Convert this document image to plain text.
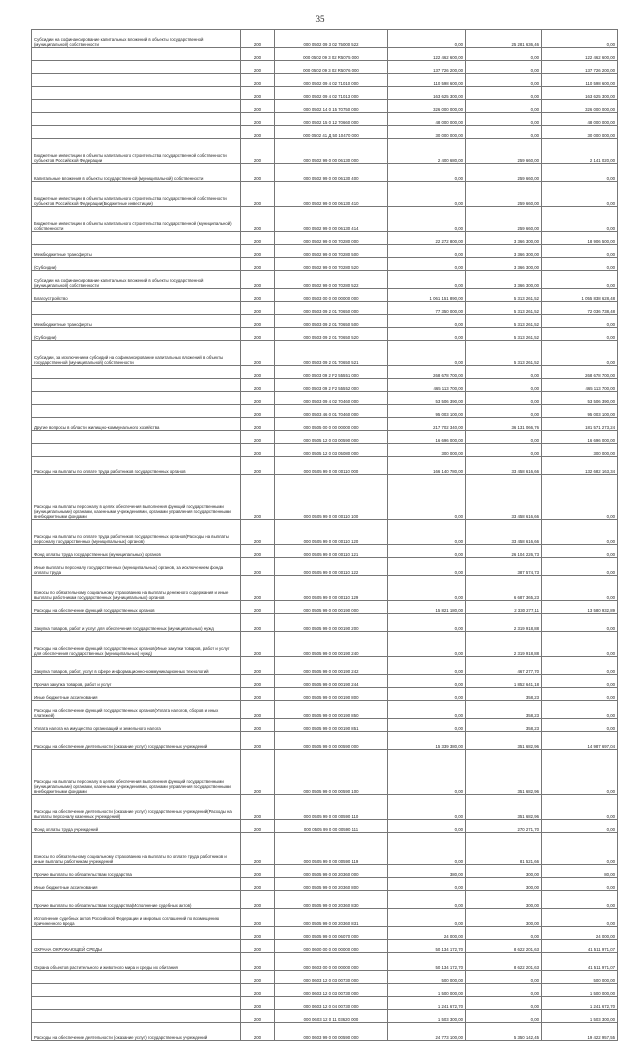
35
Субсидии на софинансирование капитальных вложений в объекты государственной (муниципальной) собственности	200	000 0502 09 3 02 75000 522	0,00	25 281 636,46	0,00
	200	000 0502 09 3 02 R5075 000	122 462 600,00	0,00	122 462 600,00
	200	000 0502 09 3 02 R5076 000	137 726 200,00	0,00	137 726 200,00
	200	000 0502 09 4 02 71010 000	110 598 600,00	0,00	110 598 600,00
	200	000 0502 09 4 02 71013 000	163 625 300,00	0,00	163 625 300,00
	200	000 0502 14 0 15 70750 000	326 000 000,00	0,00	326 000 000,00
	200	000 0502 15 0 12 70660 000	48 000 000,00	0,00	48 000 000,00
	200	000 0502 41 Д 50 10470 000	30 000 000,00	0,00	30 000 000,00
Бюджетные инвестиции в объекты капитального строительства государственной собственности субъектов Российской Федерации	200	000 0502 99 0 00 06130 000	2 400 680,00	259 660,00	2 141 020,00
Капитальные вложения в объекты государственной (муниципальной) собственности	200	000 0502 99 0 00 06130 400	0,00	259 660,00	0,00
Бюджетные инвестиции в объекты капитального строительства государственной собственности субъектов Российской Федерации(Бюджетные инвестиции)	200	000 0502 99 0 00 06130 410	0,00	259 660,00	0,00
Бюджетные инвестиции в объекты капитального строительства государственной (муниципальной) собственности	200	000 0502 99 0 00 06130 414	0,00	259 660,00	0,00
	200	000 0502 99 0 00 70280 000	22 272 800,00	3 366 300,00	18 906 500,00
Межбюджетные трансферты	200	000 0502 99 0 00 70280 500	0,00	3 366 300,00	0,00
(Субсидии)	200	000 0502 99 0 00 70280 520	0,00	3 366 300,00	0,00
Субсидии на софинансирование капитальных вложений в объекты государственной (муниципальной) собственности	200	000 0502 99 0 00 70280 522	0,00	3 366 300,00	0,00
Благоустройство	200	000 0503 00 0 00 00000 000	1 061 151 890,00	5 313 261,52	1 055 838 628,48
	200	000 0503 09 2 01 70650 000	77 350 000,00	5 313 261,52	72 036 738,48
Межбюджетные трансферты	200	000 0503 09 2 01 70650 500	0,00	5 313 261,52	0,00
(Субсидии)	200	000 0503 09 2 01 70650 520	0,00	5 313 261,52	0,00
Субсидии, за исключением субсидий на софинансирование капитальных вложений в объекты государственной (муниципальной) собственности	200	000 0503 09 2 01 70650 521	0,00	5 313 261,52	0,00
	200	000 0503 09 2 F2 55551 000	268 678 700,00	0,00	268 678 700,00
	200	000 0503 09 2 F2 55552 000	465 113 700,00	0,00	465 113 700,00
	200	000 0503 09 4 02 70460 000	53 506 390,00	0,00	53 506 390,00
	200	000 0503 46 0 01 70460 000	95 003 100,00	0,00	95 003 100,00
Другие вопросы в области жилищно-коммунального хозяйства	200	000 0505 00 0 00 00000 000	217 702 340,00	36 131 066,76	181 571 273,24
	200	000 0505 12 0 03 00590 000	16 696 000,00	0,00	16 696 000,00
	200	000 0505 12 0 03 05080 000	300 000,00	0,00	300 000,00
Расходы на выплаты по оплате труда работников государственных органов	200	000 0505 99 0 00 00110 000	166 140 780,00	33 458 616,66	132 682 163,34
Расходы на выплаты персоналу в целях обеспечения выполнения функций государственными (муниципальными) органами, казенными учреждениями, органами управления государственными внебюджетными фондами	200	000 0505 99 0 00 00110 100	0,00	33 458 616,66	0,00
Расходы на выплаты по оплате труда работников государственных органов(Расходы на выплаты персоналу государственных (муниципальных) органов)	200	000 0505 99 0 00 00110 120	0,00	33 458 616,66	0,00
Фонд оплаты труда государственных (муниципальных) органов	200	000 0505 99 0 00 00110 121	0,00	26 104 226,73	0,00
Иные выплаты персоналу государственных (муниципальных) органов, за исключением фонда оплаты труда	200	000 0505 99 0 00 00110 122	0,00	387 574,73	0,00
Взносы по обязательному социальному страхованию на выплаты денежного содержания и иные выплаты работникам государственных (муниципальных) органов	200	000 0505 99 0 00 00110 129	0,00	6 687 365,23	0,00
Расходы на обеспечение функций государственных органов	200	000 0505 99 0 00 00190 000	15 821 180,00	2 330 277,11	13 580 932,89
Закупка товаров, работ и услуг для обеспечения государственных (муниципальных) нужд	200	000 0505 99 0 00 00190 200	0,00	2 319 918,88	0,00
Расходы на обеспечение функций государственных органов(Иные закупки товаров, работ и услуг для обеспечения государственных (муниципальных) нужд)	200	000 0505 99 0 00 00190 240	0,00	2 319 918,88	0,00
Закупка товаров, работ, услуг в сфере информационно-коммуникационных технологий	200	000 0505 99 0 00 00190 242	0,00	467 277,70	0,00
Прочая закупка товаров, работ и услуг	200	000 0505 99 0 00 00190 244	0,00	1 852 641,18	0,00
Иные бюджетные ассигнования	200	000 0505 99 0 00 00190 800	0,00	358,23	0,00
Расходы на обеспечение функций государственных органов(Уплата налогов, сборов и иных платежей)	200	000 0505 99 0 00 00190 850	0,00	358,23	0,00
Уплата налога на имущество организаций и земельного налога	200	000 0505 99 0 00 00190 851	0,00	358,23	0,00
Расходы на обеспечение деятельности (оказание услуг) государственных учреждений	200	000 0505 99 0 00 00590 000	15 339 380,00	351 682,96	14 987 697,04
Расходы на выплаты персоналу в целях обеспечения выполнения функций государственными (муниципальными) органами, казенными учреждениями, органами управления государственными внебюджетными фондами	200	000 0505 99 0 00 00590 100	0,00	351 682,96	0,00
Расходы на обеспечение деятельности (оказание услуг) государственных учреждений(Расходы на выплаты персоналу казенных учреждений)	200	000 0505 99 0 00 00590 110	0,00	351 682,96	0,00
Фонд оплаты труда учреждений	200	000 0505 99 0 00 00590 111	0,00	270 271,70	0,00
Взносы по обязательному социальному страхованию на выплаты по оплате труда работников и иные выплаты работникам учреждений	200	000 0505 99 0 00 00590 119	0,00	81 521,66	0,00
Прочие выплаты по обязательствам государства	200	000 0505 99 0 00 20360 000	380,00	300,00	80,00
Иные бюджетные ассигнования	200	000 0505 99 0 00 20360 800	0,00	300,00	0,00
Прочие выплаты по обязательствам государства(Исполнение судебных актов)	200	000 0505 99 0 00 20360 830	0,00	300,00	0,00
Исполнение судебных актов Российской Федерации и мировых соглашений по возмещению причиненного вреда	200	000 0505 99 0 00 20360 831	0,00	300,00	0,00
	200	000 0505 99 0 00 06070 000	24 000,00	0,00	24 000,00
ОХРАНА ОКРУЖАЮЩЕЙ СРЕДЫ	200	000 0600 00 0 00 00000 000	50 134 172,70	8 622 201,63	41 511 971,07
Охрана объектов растительного и животного мира и среды их обитания	200	000 0603 00 0 00 00000 000	50 134 172,70	8 622 201,63	41 511 971,07
	200	000 0603 12 0 03 00730 000	500 000,00	0,00	500 000,00
	200	000 0603 12 0 03 00730 000	1 500 000,00	0,00	1 500 000,00
	200	000 0603 12 0 04 00730 000	1 241 672,70	0,00	1 241 672,70
	200	000 0603 12 0 11 03620 000	1 503 300,00	0,00	1 503 300,00
Расходы на обеспечение деятельности (оказание услуг) государственных учреждений	200	000 0603 99 0 00 00590 000	24 773 100,00	5 350 142,45	19 422 957,55
